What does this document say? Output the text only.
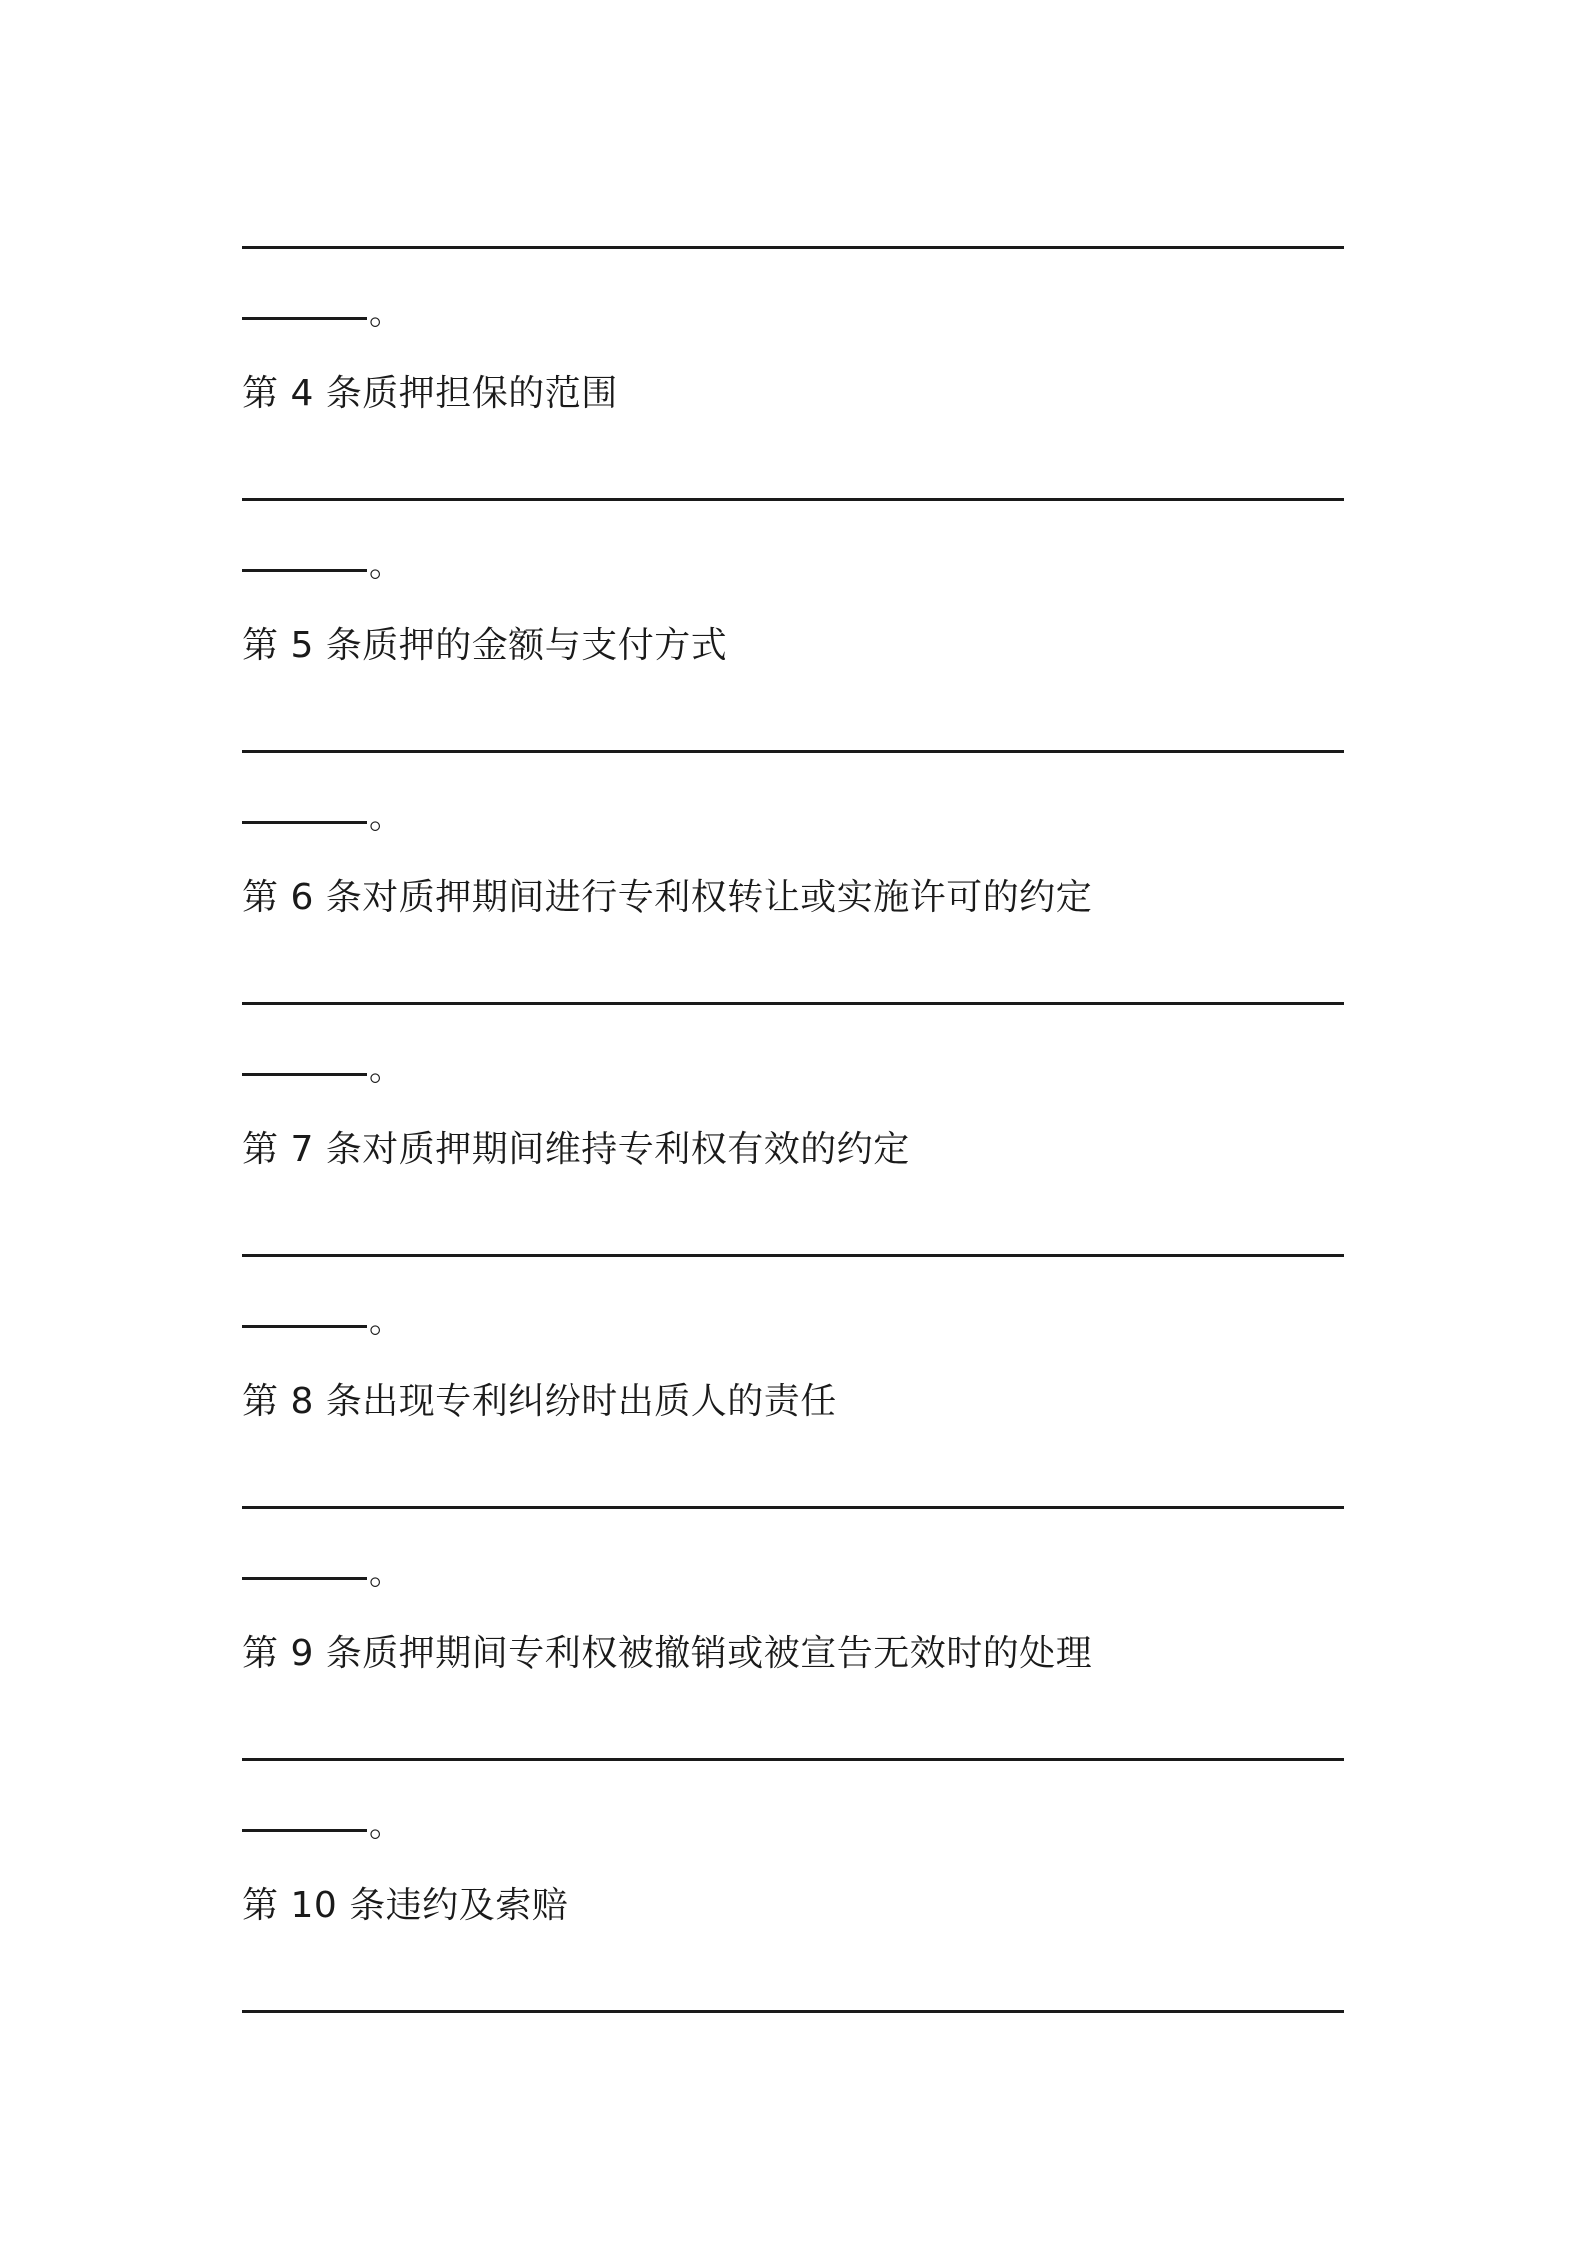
。
第 4 条质押担保的范围
。
第 5 条质押的金额与支付方式
。
第 6 条对质押期间进行专利权转让或实施许可的约定
。
第 7 条对质押期间维持专利权有效的约定
。
第 8 条出现专利纠纷时出质人的责任
。
第 9 条质押期间专利权被撤销或被宣告无效时的处理
。
第 10 条违约及索赔
